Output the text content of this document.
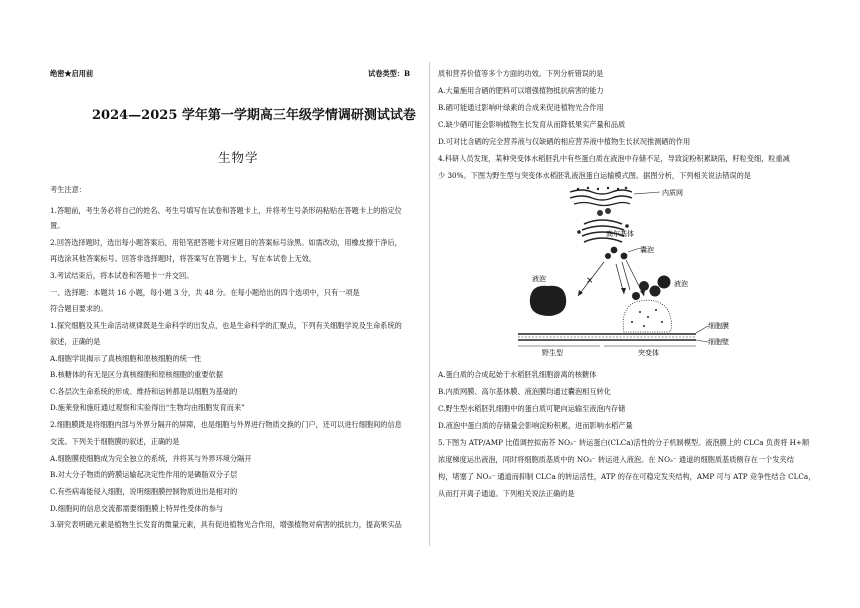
绝密★启用前	试卷类型：B
2024—2025 学年第一学期高三年级学情调研测试试卷
生物学
考生注意：
1.答题前，考生务必将自己的姓名、考生号填写在试卷和答题卡上，并将考生号条形码粘贴在答题卡上的指定位
置。
2.回答选择题时，选出每小题答案后，用铅笔把答题卡对应题目的答案标号涂黑。如需改动，用橡皮擦干净后，
再选涂其他答案标号。回答非选择题时，将答案写在答题卡上，写在本试卷上无效。
3.考试结束后，将本试卷和答题卡一并交回。
一、选择题：本题共 16 小题，每小题 3 分，共 48 分。在每小题给出的四个选项中，只有一项是
符合题目要求的。
1.探究细胞及其生命活动规律既是生命科学的出发点，也是生命科学的汇聚点，下列有关细胞学说及生命系统的
叙述，正确的是
A.细胞学说揭示了真核细胞和原核细胞的统一性
B.核糖体的有无是区分真核细胞和原核细胞的重要依据
C.各层次生命系统的形成、维持和运转都是以细胞为基础的
D.施莱登和施旺通过观察和实验得出“生物均由细胞发育而来”
2.细胞膜既是将细胞内部与外界分隔开的屏障，也是细胞与外界进行物质交换的门户，还可以进行细胞间的信息
交流。下列关于细胞膜的叙述，正确的是
A.细胞膜使细胞成为完全独立的系统，并将其与外界环境分隔开
B.对大分子物质的跨膜运输起决定性作用的是磷脂双分子层
C.有些病毒能侵入细胞，说明细胞膜控制物质进出是相对的
D.细胞间的信息交流都需要细胞膜上特异性受体的参与
3.研究表明硒元素是植物生长发育的微量元素，具有促进植物光合作用，增强植物对病害的抵抗力，提高果实品
质和营养价值等多个方面的功效。下列分析错误的是
A.大量施用含硒的肥料可以增强植物抵抗病害的能力
B.硒可能通过影响叶绿素的合成来促进植物光合作用
C.缺少硒可能会影响植物生长发育从而降低果实产量和品质
D.可对比含硒的完全营养液与仅缺硒的相应营养液中植物生长状况推测硒的作用
4.科研人员发现，某种突变体水稻胚乳中有些蛋白质在液泡中存储不足，导致淀粉积累缺陷，籽粒变细，粒重减
少 30%。下图为野生型与突变体水稻胚乳液泡蛋白运输模式图。据图分析，下列相关说法错误的是
内质网
高尔基体
囊泡
×
液泡
液泡
细胞膜
细胞壁
野生型	突变体
A.蛋白质的合成起始于水稻胚乳细胞游离的核糖体
B.内质网膜、高尔基体膜、液泡膜均通过囊泡相互转化
C.野生型水稻胚乳细胞中的蛋白质可靶向运输至液泡内存储
D.液泡中蛋白质的存储量会影响淀粉积累，进而影响水稻产量
5.下图为 ATP/AMP 比值调控拟南芥 NO₃⁻ 转运蛋白(CLCa)活性的分子机制模型。液泡膜上的 CLCa 负责将 H+顺
浓度梯度运出液泡，同时将细胞质基质中的 NO₃⁻ 转运进入液泡。在 NO₃⁻ 通道的细胞质基质侧存在一个发夹结
构，堵塞了 NO₃⁻ 通道而抑制 CLCa 的转运活性，ATP 的存在可稳定发夹结构，AMP 可与 ATP 竞争性结合 CLCa，
从而打开离子通道。下列相关说法正确的是
